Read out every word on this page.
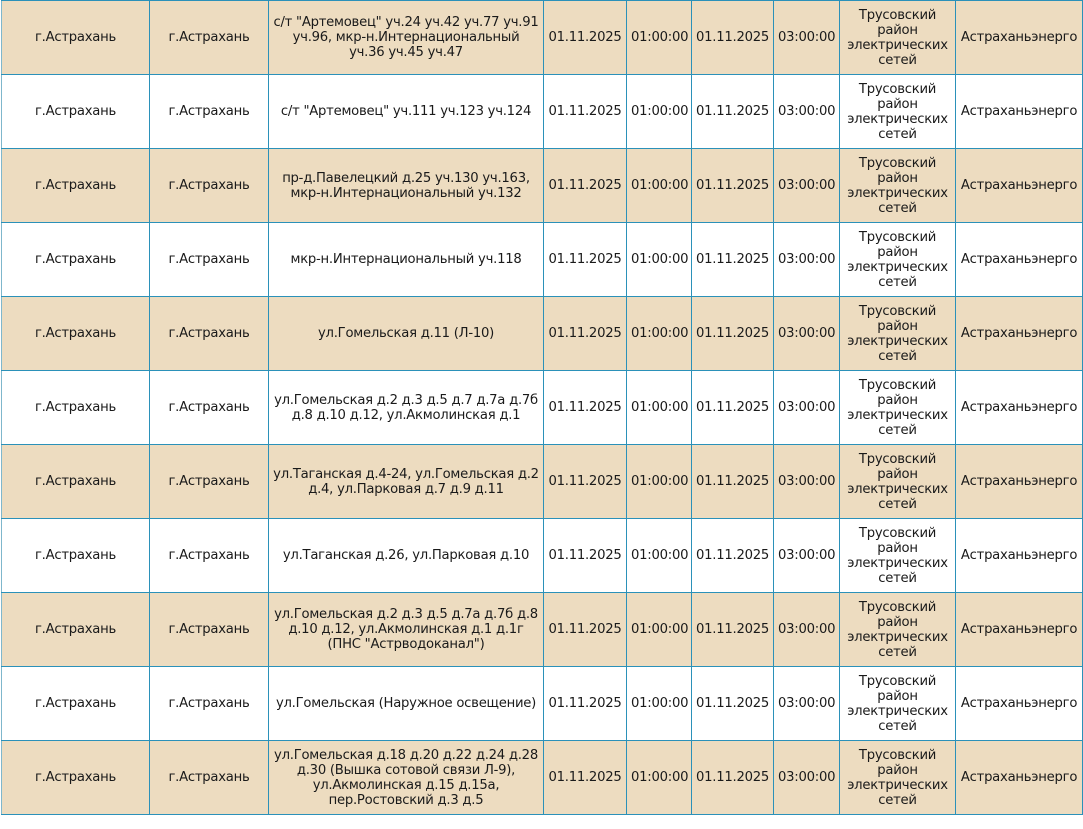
г.Астрахань	г.Астрахань	с/т "Артемовец" уч.24 уч.42 уч.77 уч.91 уч.96, мкр-н.Интернациональный уч.36 уч.45 уч.47	01.11.2025	01:00:00	01.11.2025	03:00:00	Трусовский район электрических сетей	Астраханьэнерго
г.Астрахань	г.Астрахань	с/т "Артемовец" уч.111 уч.123 уч.124	01.11.2025	01:00:00	01.11.2025	03:00:00	Трусовский район электрических сетей	Астраханьэнерго
г.Астрахань	г.Астрахань	пр-д.Павелецкий д.25 уч.130 уч.163, мкр-н.Интернациональный уч.132	01.11.2025	01:00:00	01.11.2025	03:00:00	Трусовский район электрических сетей	Астраханьэнерго
г.Астрахань	г.Астрахань	мкр-н.Интернациональный уч.118	01.11.2025	01:00:00	01.11.2025	03:00:00	Трусовский район электрических сетей	Астраханьэнерго
г.Астрахань	г.Астрахань	ул.Гомельская д.11 (Л-10)	01.11.2025	01:00:00	01.11.2025	03:00:00	Трусовский район электрических сетей	Астраханьэнерго
г.Астрахань	г.Астрахань	ул.Гомельская д.2 д.3 д.5 д.7 д.7а д.7б д.8 д.10 д.12, ул.Акмолинская д.1	01.11.2025	01:00:00	01.11.2025	03:00:00	Трусовский район электрических сетей	Астраханьэнерго
г.Астрахань	г.Астрахань	ул.Таганская д.4-24, ул.Гомельская д.2 д.4, ул.Парковая д.7 д.9 д.11	01.11.2025	01:00:00	01.11.2025	03:00:00	Трусовский район электрических сетей	Астраханьэнерго
г.Астрахань	г.Астрахань	ул.Таганская д.26, ул.Парковая д.10	01.11.2025	01:00:00	01.11.2025	03:00:00	Трусовский район электрических сетей	Астраханьэнерго
г.Астрахань	г.Астрахань	ул.Гомельская д.2 д.3 д.5 д.7а д.7б д.8 д.10 д.12, ул.Акмолинская д.1 д.1г (ПНС "Астрводоканал")	01.11.2025	01:00:00	01.11.2025	03:00:00	Трусовский район электрических сетей	Астраханьэнерго
г.Астрахань	г.Астрахань	ул.Гомельская (Наружное освещение)	01.11.2025	01:00:00	01.11.2025	03:00:00	Трусовский район электрических сетей	Астраханьэнерго
г.Астрахань	г.Астрахань	ул.Гомельская д.18 д.20 д.22 д.24 д.28 д.30 (Вышка сотовой связи Л-9), ул.Акмолинская д.15 д.15а, пер.Ростовский д.3 д.5	01.11.2025	01:00:00	01.11.2025	03:00:00	Трусовский район электрических сетей	Астраханьэнерго
